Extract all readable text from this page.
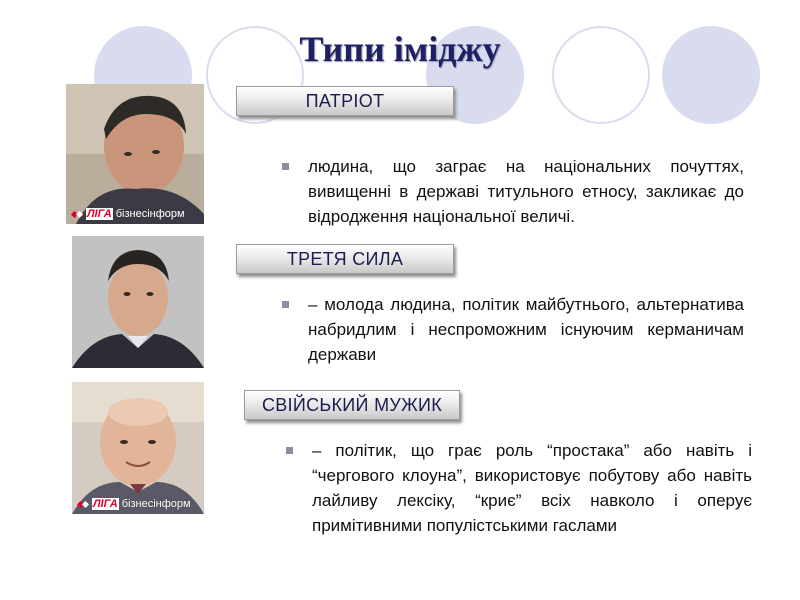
Типи іміджу
ЛІГА бізнесінформ
ЛІГА бізнесінформ
ПАТРІОТ
ТРЕТЯ СИЛА
СВІЙСЬКИЙ МУЖИК
людина, що заграє на національних почуттях, вивищенні в державі титульного етносу, закликає до відродження національної величі.
– молода людина, політик майбутнього, альтернатива набридлим і неспроможним існуючим керманичам держави
– політик, що грає роль “простака” або навіть і “чергового клоуна”, використовує побутову або навіть лайливу лексіку, “криє” всіх навколо і оперує примітивними популістськими гаслами
